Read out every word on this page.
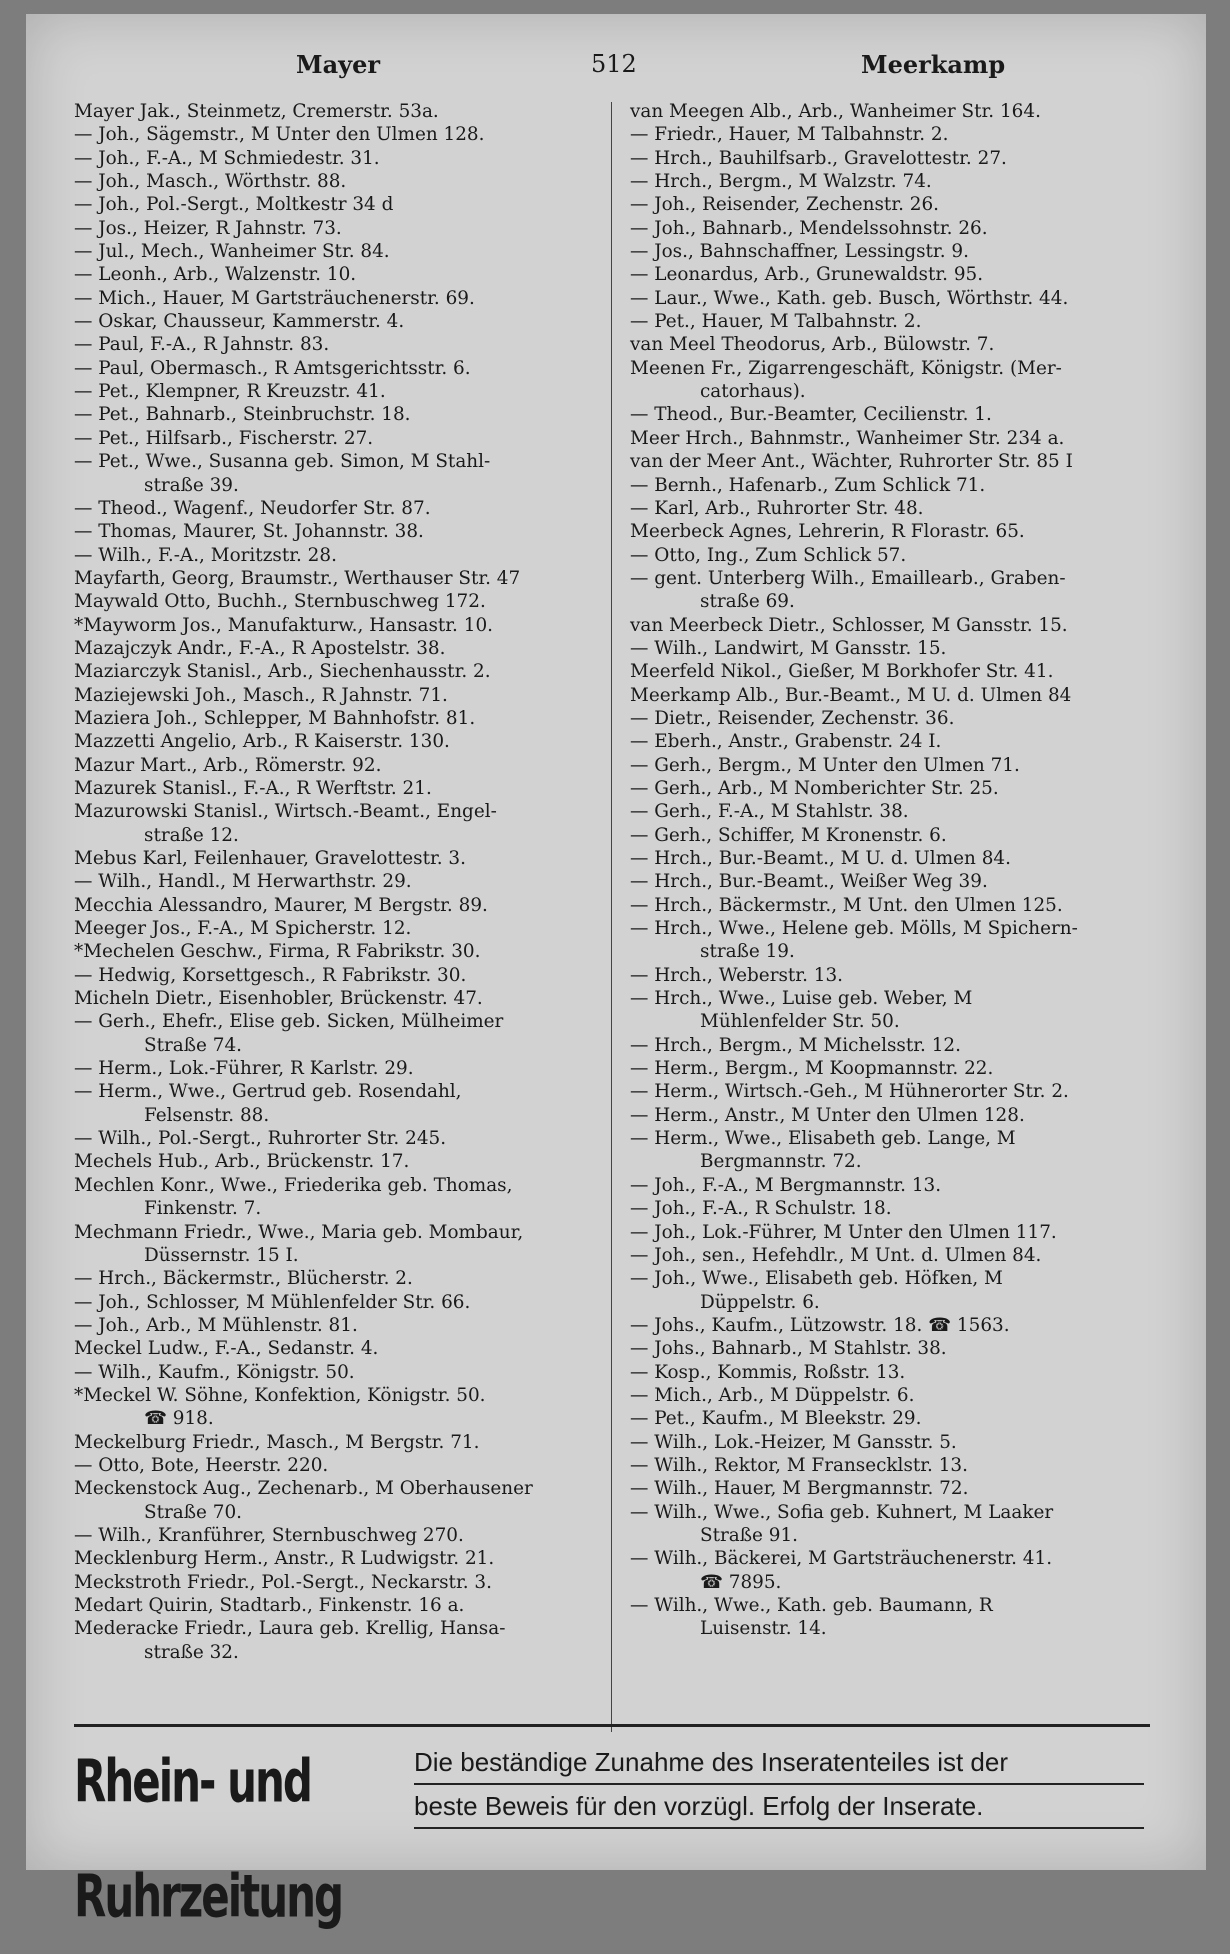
Mayer	512	Meerkamp
Mayer Jak., Steinmetz, Cremerstr. 53a.
— Joh., Sägemstr., M Unter den Ulmen 128.
— Joh., F.-A., M Schmiedestr. 31.
— Joh., Masch., Wörthstr. 88.
— Joh., Pol.-Sergt., Moltkestr 34 d
— Jos., Heizer, R Jahnstr. 73.
— Jul., Mech., Wanheimer Str. 84.
— Leonh., Arb., Walzenstr. 10.
— Mich., Hauer, M Gartsträuchenerstr. 69.
— Oskar, Chausseur, Kammerstr. 4.
— Paul, F.-A., R Jahnstr. 83.
— Paul, Obermasch., R Amtsgerichtsstr. 6.
— Pet., Klempner, R Kreuzstr. 41.
— Pet., Bahnarb., Steinbruchstr. 18.
— Pet., Hilfsarb., Fischerstr. 27.
— Pet., Wwe., Susanna geb. Simon, M Stahl-
straße 39.
— Theod., Wagenf., Neudorfer Str. 87.
— Thomas, Maurer, St. Johannstr. 38.
— Wilh., F.-A., Moritzstr. 28.
Mayfarth, Georg, Braumstr., Werthauser Str. 47
Maywald Otto, Buchh., Sternbuschweg 172.
*Mayworm Jos., Manufakturw., Hansastr. 10.
Mazajczyk Andr., F.-A., R Apostelstr. 38.
Maziarczyk Stanisl., Arb., Siechenhausstr. 2.
Maziejewski Joh., Masch., R Jahnstr. 71.
Maziera Joh., Schlepper, M Bahnhofstr. 81.
Mazzetti Angelio, Arb., R Kaiserstr. 130.
Mazur Mart., Arb., Römerstr. 92.
Mazurek Stanisl., F.-A., R Werftstr. 21.
Mazurowski Stanisl., Wirtsch.-Beamt., Engel-
straße 12.
Mebus Karl, Feilenhauer, Gravelottestr. 3.
— Wilh., Handl., M Herwarthstr. 29.
Mecchia Alessandro, Maurer, M Bergstr. 89.
Meeger Jos., F.-A., M Spicherstr. 12.
*Mechelen Geschw., Firma, R Fabrikstr. 30.
— Hedwig, Korsettgesch., R Fabrikstr. 30.
Micheln Dietr., Eisenhobler, Brückenstr. 47.
— Gerh., Ehefr., Elise geb. Sicken, Mülheimer
Straße 74.
— Herm., Lok.-Führer, R Karlstr. 29.
— Herm., Wwe., Gertrud geb. Rosendahl,
Felsenstr. 88.
— Wilh., Pol.-Sergt., Ruhrorter Str. 245.
Mechels Hub., Arb., Brückenstr. 17.
Mechlen Konr., Wwe., Friederika geb. Thomas,
Finkenstr. 7.
Mechmann Friedr., Wwe., Maria geb. Mombaur,
Düssernstr. 15 I.
— Hrch., Bäckermstr., Blücherstr. 2.
— Joh., Schlosser, M Mühlenfelder Str. 66.
— Joh., Arb., M Mühlenstr. 81.
Meckel Ludw., F.-A., Sedanstr. 4.
— Wilh., Kaufm., Königstr. 50.
*Meckel W. Söhne, Konfektion, Königstr. 50.
☎ 918.
Meckelburg Friedr., Masch., M Bergstr. 71.
— Otto, Bote, Heerstr. 220.
Meckenstock Aug., Zechenarb., M Oberhausener
Straße 70.
— Wilh., Kranführer, Sternbuschweg 270.
Mecklenburg Herm., Anstr., R Ludwigstr. 21.
Meckstroth Friedr., Pol.-Sergt., Neckarstr. 3.
Medart Quirin, Stadtarb., Finkenstr. 16 a.
Mederacke Friedr., Laura geb. Krellig, Hansa-
straße 32.
van Meegen Alb., Arb., Wanheimer Str. 164.
— Friedr., Hauer, M Talbahnstr. 2.
— Hrch., Bauhilfsarb., Gravelottestr. 27.
— Hrch., Bergm., M Walzstr. 74.
— Joh., Reisender, Zechenstr. 26.
— Joh., Bahnarb., Mendelssohnstr. 26.
— Jos., Bahnschaffner, Lessingstr. 9.
— Leonardus, Arb., Grunewaldstr. 95.
— Laur., Wwe., Kath. geb. Busch, Wörthstr. 44.
— Pet., Hauer, M Talbahnstr. 2.
van Meel Theodorus, Arb., Bülowstr. 7.
Meenen Fr., Zigarrengeschäft, Königstr. (Mer-
catorhaus).
— Theod., Bur.-Beamter, Cecilienstr. 1.
Meer Hrch., Bahnmstr., Wanheimer Str. 234 a.
van der Meer Ant., Wächter, Ruhrorter Str. 85 I
— Bernh., Hafenarb., Zum Schlick 71.
— Karl, Arb., Ruhrorter Str. 48.
Meerbeck Agnes, Lehrerin, R Florastr. 65.
— Otto, Ing., Zum Schlick 57.
— gent. Unterberg Wilh., Emaillearb., Graben-
straße 69.
van Meerbeck Dietr., Schlosser, M Gansstr. 15.
— Wilh., Landwirt, M Gansstr. 15.
Meerfeld Nikol., Gießer, M Borkhofer Str. 41.
Meerkamp Alb., Bur.-Beamt., M U. d. Ulmen 84
— Dietr., Reisender, Zechenstr. 36.
— Eberh., Anstr., Grabenstr. 24 I.
— Gerh., Bergm., M Unter den Ulmen 71.
— Gerh., Arb., M Nomberichter Str. 25.
— Gerh., F.-A., M Stahlstr. 38.
— Gerh., Schiffer, M Kronenstr. 6.
— Hrch., Bur.-Beamt., M U. d. Ulmen 84.
— Hrch., Bur.-Beamt., Weißer Weg 39.
— Hrch., Bäckermstr., M Unt. den Ulmen 125.
— Hrch., Wwe., Helene geb. Mölls, M Spichern-
straße 19.
— Hrch., Weberstr. 13.
— Hrch., Wwe., Luise geb. Weber, M
Mühlenfelder Str. 50.
— Hrch., Bergm., M Michelsstr. 12.
— Herm., Bergm., M Koopmannstr. 22.
— Herm., Wirtsch.-Geh., M Hühnerorter Str. 2.
— Herm., Anstr., M Unter den Ulmen 128.
— Herm., Wwe., Elisabeth geb. Lange, M
Bergmannstr. 72.
— Joh., F.-A., M Bergmannstr. 13.
— Joh., F.-A., R Schulstr. 18.
— Joh., Lok.-Führer, M Unter den Ulmen 117.
— Joh., sen., Hefehdlr., M Unt. d. Ulmen 84.
— Joh., Wwe., Elisabeth geb. Höfken, M
Düppelstr. 6.
— Johs., Kaufm., Lützowstr. 18. ☎ 1563.
— Johs., Bahnarb., M Stahlstr. 38.
— Kosp., Kommis, Roßstr. 13.
— Mich., Arb., M Düppelstr. 6.
— Pet., Kaufm., M Bleekstr. 29.
— Wilh., Lok.-Heizer, M Gansstr. 5.
— Wilh., Rektor, M Fransecklstr. 13.
— Wilh., Hauer, M Bergmannstr. 72.
— Wilh., Wwe., Sofia geb. Kuhnert, M Laaker
Straße 91.
— Wilh., Bäckerei, M Gartsträuchenerstr. 41.
☎ 7895.
— Wilh., Wwe., Kath. geb. Baumann, R
Luisenstr. 14.
Rhein- und Ruhrzeitung
Die beständige Zunahme des Inseratenteiles ist der
beste Beweis für den vorzügl. Erfolg der Inserate.
